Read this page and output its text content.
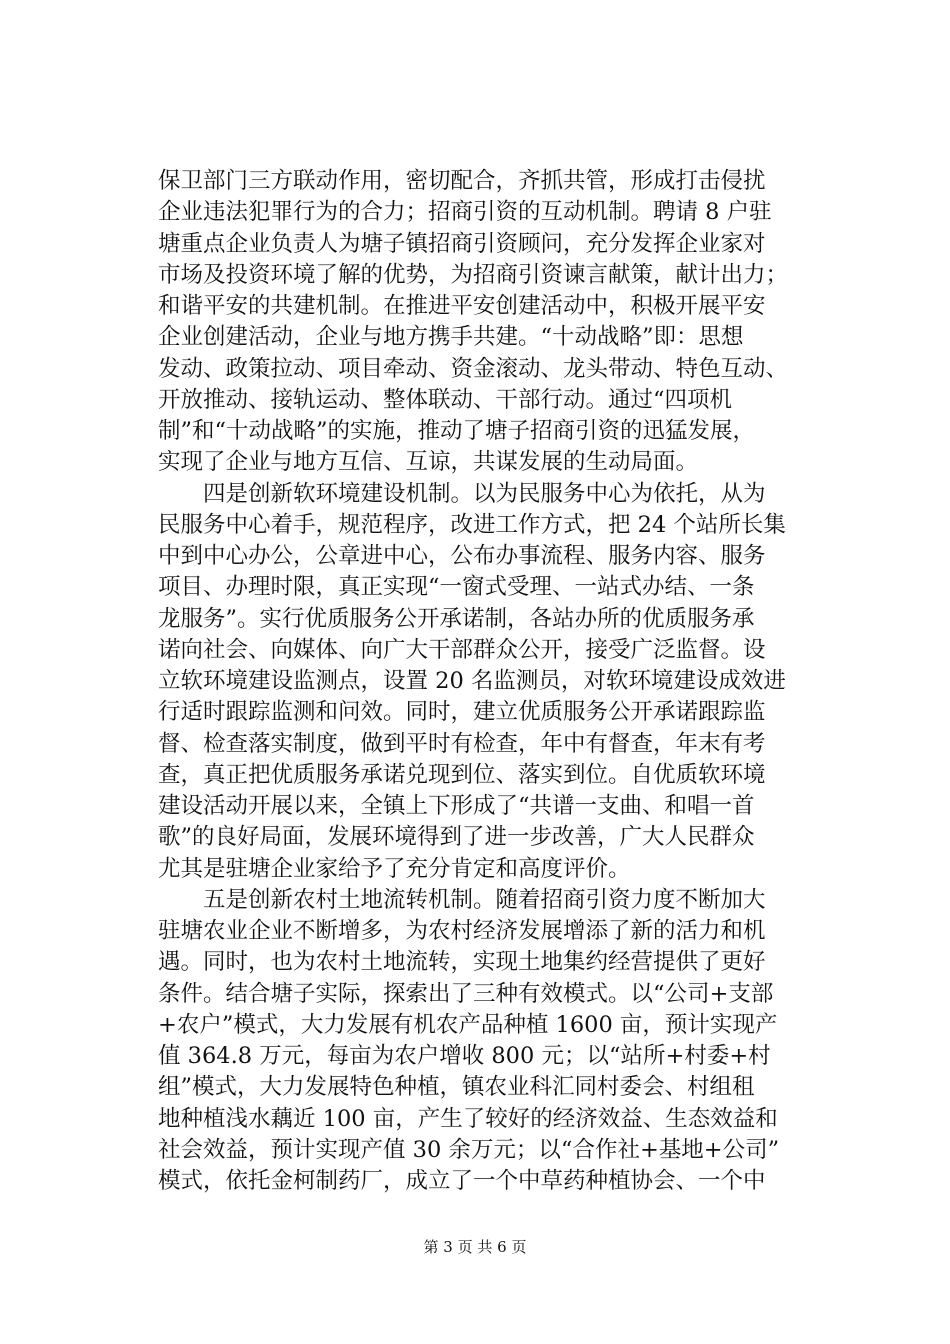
保卫部门三方联动作用，密切配合，齐抓共管，形成打击侵扰
企业违法犯罪行为的合力；招商引资的互动机制。聘请 8 户驻
塘重点企业负责人为塘子镇招商引资顾问，充分发挥企业家对
市场及投资环境了解的优势，为招商引资谏言献策，献计出力；
和谐平安的共建机制。在推进平安创建活动中，积极开展平安
企业创建活动，企业与地方携手共建。“十动战略”即：思想
发动、政策拉动、项目牵动、资金滚动、龙头带动、特色互动、
开放推动、接轨运动、整体联动、干部行动。通过“四项机
制”和“十动战略”的实施，推动了塘子招商引资的迅猛发展，
实现了企业与地方互信、互谅，共谋发展的生动局面。
　　四是创新软环境建设机制。以为民服务中心为依托，从为
民服务中心着手，规范程序，改进工作方式，把 24 个站所长集
中到中心办公，公章进中心，公布办事流程、服务内容、服务
项目、办理时限，真正实现“一窗式受理、一站式办结、一条
龙服务”。实行优质服务公开承诺制，各站办所的优质服务承
诺向社会、向媒体、向广大干部群众公开，接受广泛监督。设
立软环境建设监测点，设置 20 名监测员，对软环境建设成效进
行适时跟踪监测和问效。同时，建立优质服务公开承诺跟踪监
督、检查落实制度，做到平时有检查，年中有督查，年末有考
查，真正把优质服务承诺兑现到位、落实到位。自优质软环境
建设活动开展以来，全镇上下形成了“共谱一支曲、和唱一首
歌”的良好局面，发展环境得到了进一步改善，广大人民群众
尤其是驻塘企业家给予了充分肯定和高度评价。
　　五是创新农村土地流转机制。随着招商引资力度不断加大
驻塘农业企业不断增多，为农村经济发展增添了新的活力和机
遇。同时，也为农村土地流转，实现土地集约经营提供了更好
条件。结合塘子实际，探索出了三种有效模式。以“公司+支部
+农户”模式，大力发展有机农产品种植 1600 亩，预计实现产
值 364.8 万元，每亩为农户增收 800 元；以“站所+村委+村
组”模式，大力发展特色种植，镇农业科汇同村委会、村组租
地种植浅水藕近 100 亩，产生了较好的经济效益、生态效益和
社会效益，预计实现产值 30 余万元；以“合作社+基地+公司”
模式，依托金柯制药厂，成立了一个中草药种植协会、一个中
第 3 页 共 6 页
